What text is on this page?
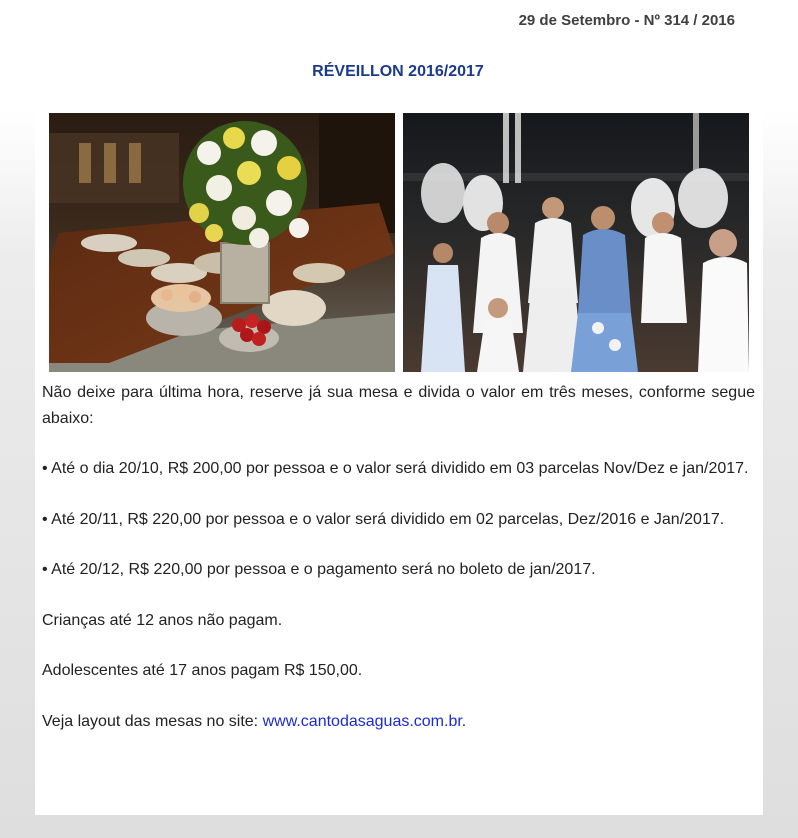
29 de Setembro - Nº 314 / 2016
RÉVEILLON 2016/2017

Não deixe para última hora, reserve já sua mesa e divida o valor em três meses, conforme segue abaixo:

• Até o dia 20/10, R$ 200,00 por pessoa e o valor será dividido em 03 parcelas Nov/Dez e jan/2017.

• Até 20/11, R$ 220,00 por pessoa e o valor será dividido em 02 parcelas, Dez/2016 e Jan/2017.

• Até 20/12, R$ 220,00 por pessoa e o pagamento será no boleto de jan/2017.

Crianças até 12 anos não pagam.

Adolescentes até 17 anos pagam R$ 150,00.

Veja layout das mesas no site: www.cantodasaguas.com.br.
